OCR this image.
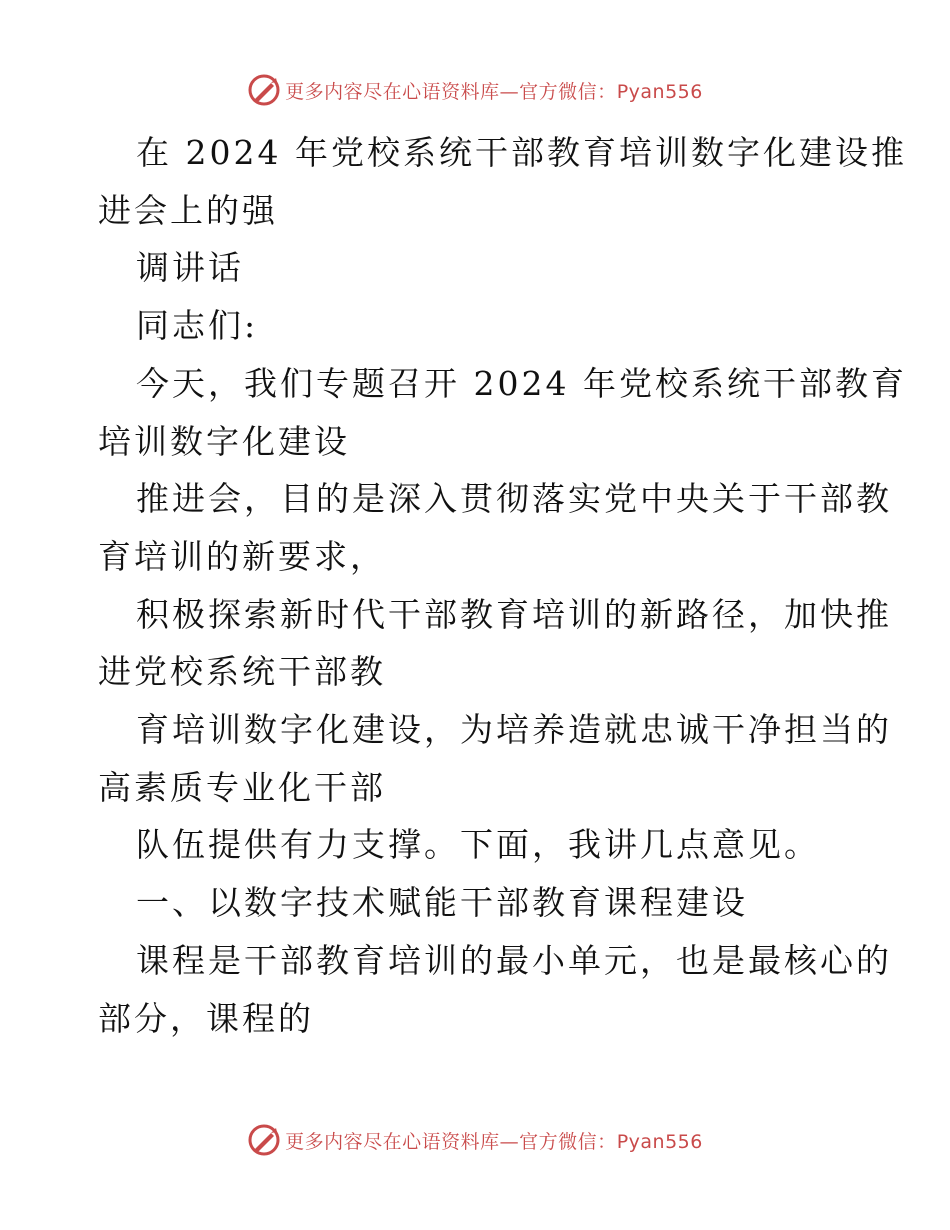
更多内容尽在心语资料库—官方微信：Pyan556

在 2024 年党校系统干部教育培训数字化建设推

进会上的强

调讲话

同志们:

今天，我们专题召开 2024 年党校系统干部教育

培训数字化建设

推进会，目的是深入贯彻落实党中央关于干部教

育培训的新要求，

积极探索新时代干部教育培训的新路径，加快推

进党校系统干部教

育培训数字化建设，为培养造就忠诚干净担当的

高素质专业化干部

队伍提供有力支撑。下面，我讲几点意见。

一、以数字技术赋能干部教育课程建设

课程是干部教育培训的最小单元，也是最核心的

部分，课程的

更多内容尽在心语资料库—官方微信：Pyan556
